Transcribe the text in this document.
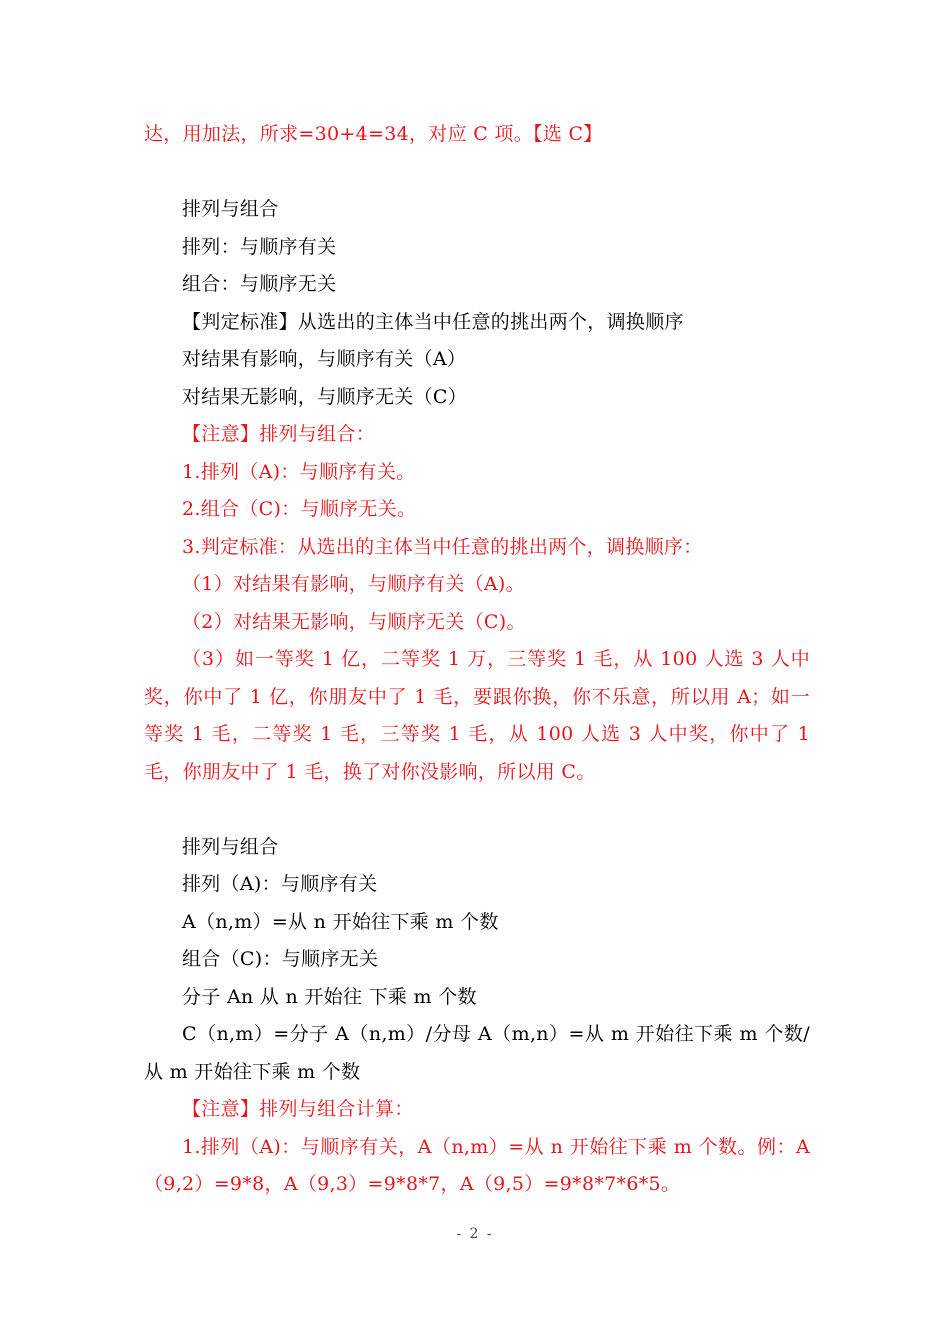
达，用加法，所求=30+4=34，对应 C 项。【选 C】

排列与组合

排列：与顺序有关

组合：与顺序无关

【判定标准】从选出的主体当中任意的挑出两个，调换顺序

对结果有影响，与顺序有关（A）

对结果无影响，与顺序无关（C）

【注意】排列与组合：

1.排列（A)：与顺序有关。

2.组合（C)：与顺序无关。

3.判定标准：从选出的主体当中任意的挑出两个，调换顺序：

（1）对结果有影响，与顺序有关（A)。

（2）对结果无影响，与顺序无关（C)。

（3）如一等奖 1 亿，二等奖 1 万，三等奖 1 毛，从 100 人选 3 人中奖，你中了 1 亿，你朋友中了 1 毛，要跟你换，你不乐意，所以用 A；如一等奖 1 毛，二等奖 1 毛，三等奖 1 毛，从 100 人选 3 人中奖，你中了 1 毛，你朋友中了 1 毛，换了对你没影响，所以用 C。

排列与组合

排列（A)：与顺序有关

A（n,m）=从 n 开始往下乘 m 个数

组合（C)：与顺序无关

分子 An 从 n 开始往 下乘 m 个数

C（n,m）=分子 A（n,m）/分母 A（m,n）=从 m 开始往下乘 m 个数/从 m 开始往下乘 m 个数

【注意】排列与组合计算：

1.排列（A)：与顺序有关，A（n,m）=从 n 开始往下乘 m 个数。例：A（9,2）=9*8，A（9,3）=9*8*7，A（9,5）=9*8*7*6*5。

- 2 -
